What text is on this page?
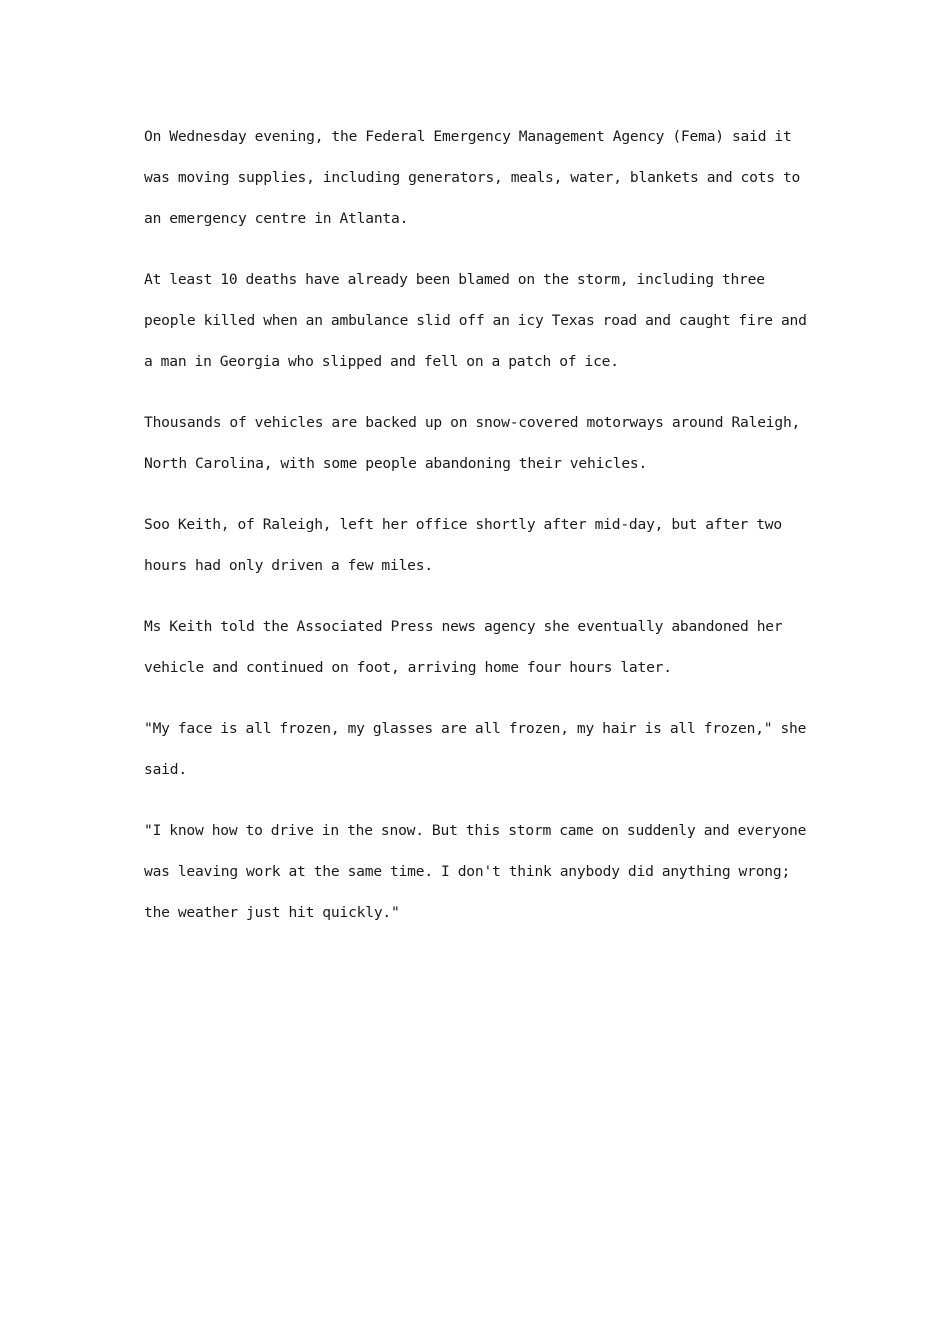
On Wednesday evening, the Federal Emergency Management Agency (Fema) said it was moving supplies, including generators, meals, water, blankets and cots to an emergency centre in Atlanta.

At least 10 deaths have already been blamed on the storm, including three people killed when an ambulance slid off an icy Texas road and caught fire and a man in Georgia who slipped and fell on a patch of ice.

Thousands of vehicles are backed up on snow-covered motorways around Raleigh, North Carolina, with some people abandoning their vehicles.

Soo Keith, of Raleigh, left her office shortly after mid-day, but after two hours had only driven a few miles.

Ms Keith told the Associated Press news agency she eventually abandoned her vehicle and continued on foot, arriving home four hours later.

"My face is all frozen, my glasses are all frozen, my hair is all frozen," she said.

"I know how to drive in the snow. But this storm came on suddenly and everyone was leaving work at the same time. I don't think anybody did anything wrong; the weather just hit quickly."
